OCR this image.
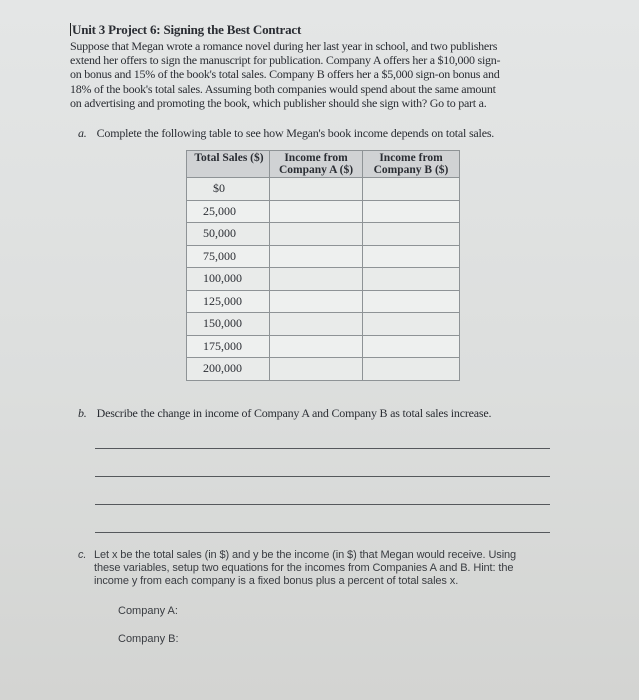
Unit 3 Project 6: Signing the Best Contract
Suppose that Megan wrote a romance novel during her last year in school, and two publishers
extend her offers to sign the manuscript for publication. Company A offers her a $10,000 sign-
on bonus and 15% of the book's total sales. Company B offers her a $5,000 sign-on bonus and
18% of the book's total sales. Assuming both companies would spend about the same amount
on advertising and promoting the book, which publisher should she sign with? Go to part a.
a. Complete the following table to see how Megan's book income depends on total sales.
Total Sales ($)	Income from Company A ($)	Income from Company B ($)
$0		
25,000		
50,000		
75,000		
100,000		
125,000		
150,000		
175,000		
200,000		
b. Describe the change in income of Company A and Company B as total sales increase.
c. Let x be the total sales (in $) and y be the income (in $) that Megan would receive. Using
these variables, setup two equations for the incomes from Companies A and B. Hint: the
income y from each company is a fixed bonus plus a percent of total sales x.
Company A:
Company B:
